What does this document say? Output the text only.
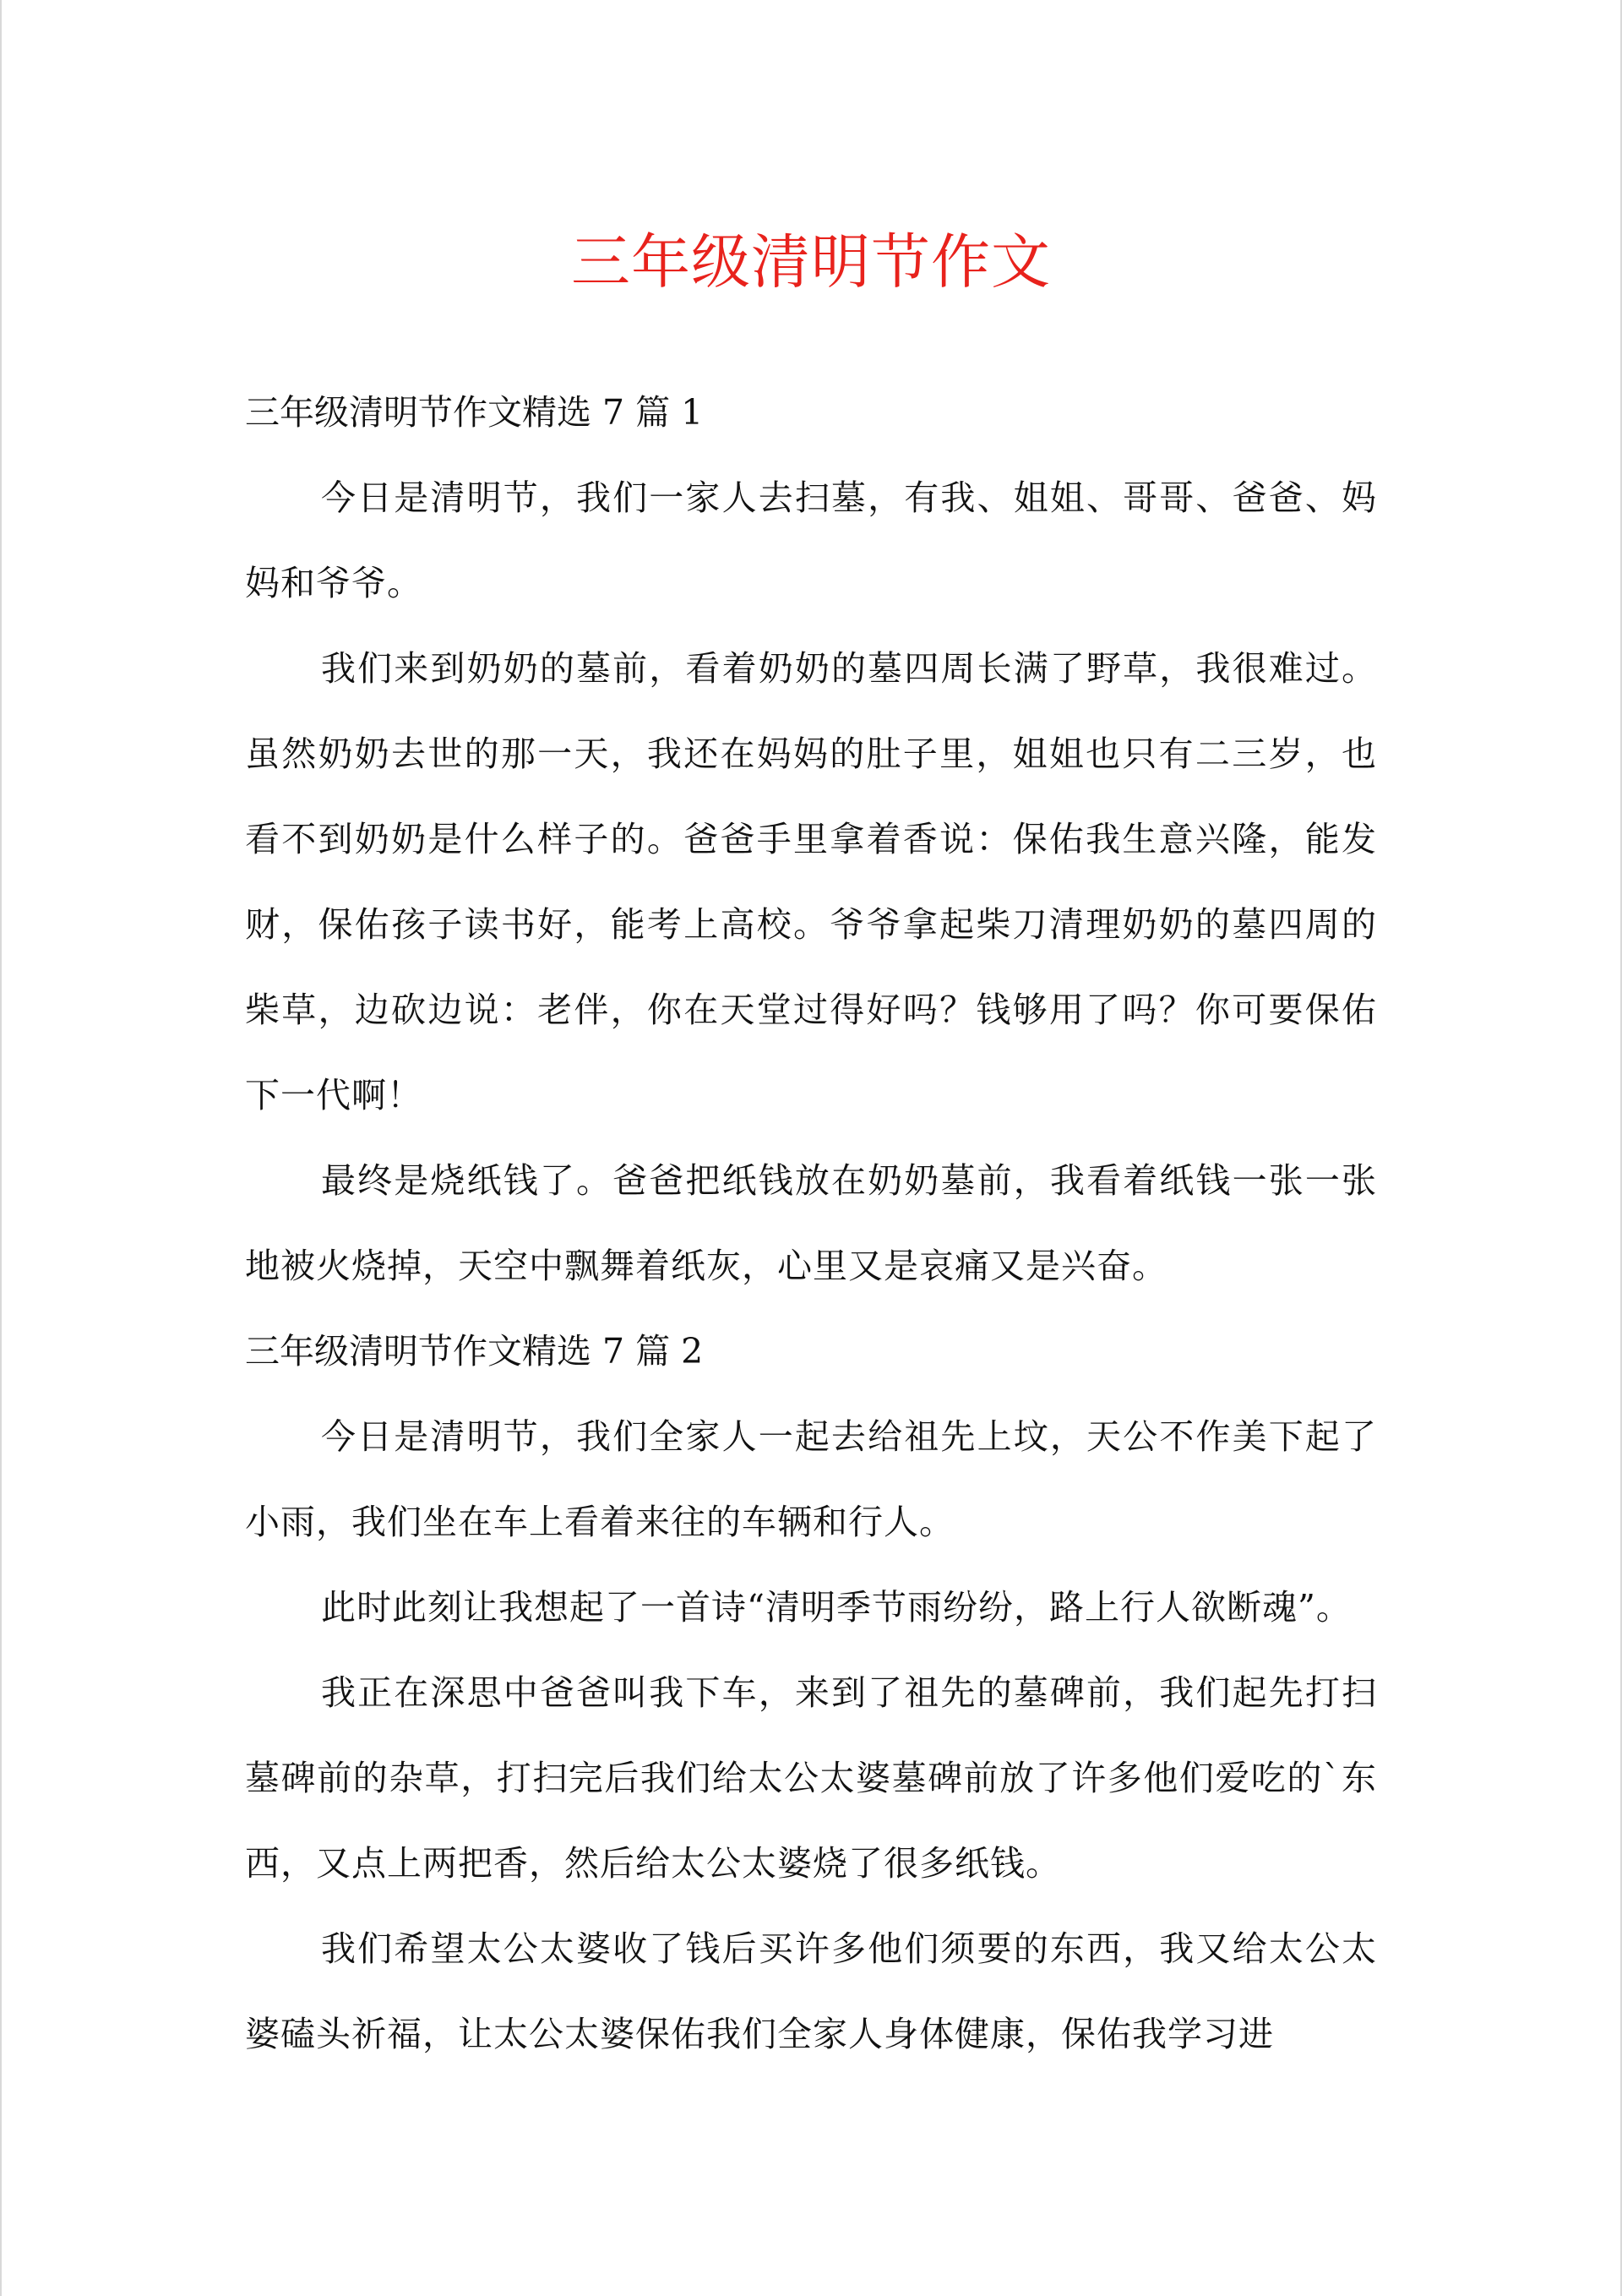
三年级清明节作文
三年级清明节作文精选 7 篇 1

今日是清明节，我们一家人去扫墓，有我、姐姐、哥哥、爸爸、妈妈和爷爷。

我们来到奶奶的墓前，看着奶奶的墓四周长满了野草，我很难过。虽然奶奶去世的那一天，我还在妈妈的肚子里，姐姐也只有二三岁，也看不到奶奶是什么样子的。爸爸手里拿着香说：保佑我生意兴隆，能发财，保佑孩子读书好，能考上高校。爷爷拿起柴刀清理奶奶的墓四周的柴草，边砍边说：老伴，你在天堂过得好吗？钱够用了吗？你可要保佑下一代啊！

最终是烧纸钱了。爸爸把纸钱放在奶奶墓前，我看着纸钱一张一张地被火烧掉，天空中飘舞着纸灰，心里又是哀痛又是兴奋。

三年级清明节作文精选 7 篇 2

今日是清明节，我们全家人一起去给祖先上坟，天公不作美下起了小雨，我们坐在车上看着来往的车辆和行人。

此时此刻让我想起了一首诗“清明季节雨纷纷，路上行人欲断魂”。

我正在深思中爸爸叫我下车，来到了祖先的墓碑前，我们起先打扫墓碑前的杂草，打扫完后我们给太公太婆墓碑前放了许多他们爱吃的`东西，又点上两把香，然后给太公太婆烧了很多纸钱。

我们希望太公太婆收了钱后买许多他们须要的东西，我又给太公太婆磕头祈福，让太公太婆保佑我们全家人身体健康，保佑我学习进
